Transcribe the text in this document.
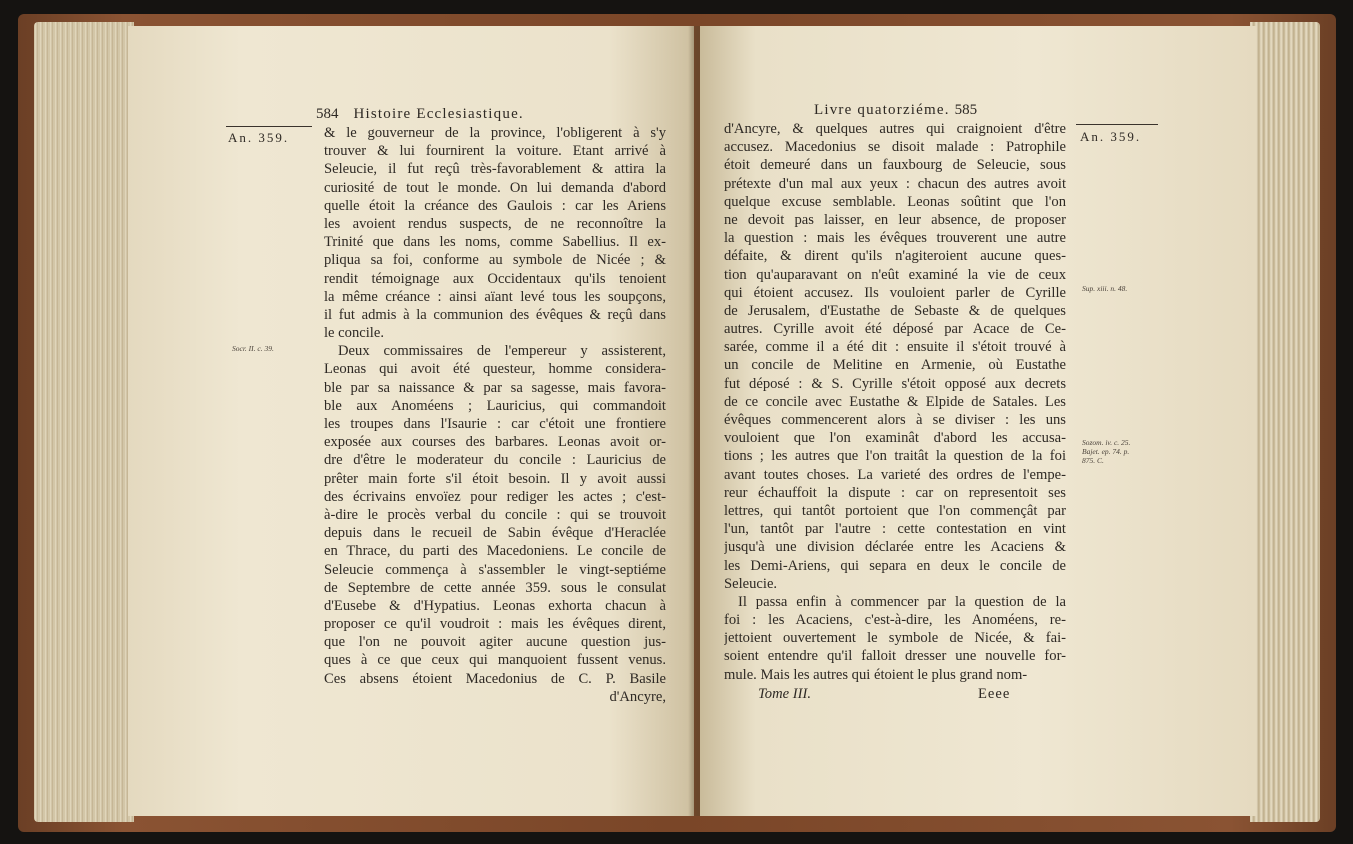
584 Histoire Ecclesiastique.
An. 359.
Socr. II. c. 39.
& le gouverneur de la province, l'obligerent à s'y
trouver & lui fournirent la voiture. Etant arrivé à
Seleucie, il fut reçû très-favorablement & attira la
curiosité de tout le monde. On lui demanda d'abord
quelle étoit la créance des Gaulois : car les Ariens
les avoient rendus suspects, de ne reconnoître la
Trinité que dans les noms, comme Sabellius. Il ex-
pliqua sa foi, conforme au symbole de Nicée ; &
rendit témoignage aux Occidentaux qu'ils tenoient
la même créance : ainsi aïant levé tous les soupçons,
il fut admis à la communion des évêques & reçû dans
le concile.
Deux commissaires de l'empereur y assisterent,
Leonas qui avoit été questeur, homme considera-
ble par sa naissance & par sa sagesse, mais favora-
ble aux Anoméens ; Lauricius, qui commandoit
les troupes dans l'Isaurie : car c'étoit une frontiere
exposée aux courses des barbares. Leonas avoit or-
dre d'être le moderateur du concile : Lauricius de
prêter main forte s'il étoit besoin. Il y avoit aussi
des écrivains envoïez pour rediger les actes ; c'est-
à-dire le procès verbal du concile : qui se trouvoit
depuis dans le recueil de Sabin évêque d'Heraclée
en Thrace, du parti des Macedoniens. Le concile de
Seleucie commença à s'assembler le vingt-septiéme
de Septembre de cette année 359. sous le consulat
d'Eusebe & d'Hypatius. Leonas exhorta chacun à
proposer ce qu'il voudroit : mais les évêques dirent,
que l'on ne pouvoit agiter aucune question jus-
ques à ce que ceux qui manquoient fussent venus.
Ces absens étoient Macedonius de C. P. Basile
d'Ancyre,
Livre quatorziéme. 585
An. 359.
Sup. xiii. n. 48.
Sozom. iv. c. 25. Bajet. ep. 74. p. 875. C.
d'Ancyre, & quelques autres qui craignoient d'être
accusez. Macedonius se disoit malade : Patrophile
étoit demeuré dans un fauxbourg de Seleucie, sous
prétexte d'un mal aux yeux : chacun des autres avoit
quelque excuse semblable. Leonas soûtint que l'on
ne devoit pas laisser, en leur absence, de proposer
la question : mais les évêques trouverent une autre
défaite, & dirent qu'ils n'agiteroient aucune ques-
tion qu'auparavant on n'eût examiné la vie de ceux
qui étoient accusez. Ils vouloient parler de Cyrille
de Jerusalem, d'Eustathe de Sebaste & de quelques
autres. Cyrille avoit été déposé par Acace de Ce-
sarée, comme il a été dit : ensuite il s'étoit trouvé à
un concile de Melitine en Armenie, où Eustathe
fut déposé : & S. Cyrille s'étoit opposé aux decrets
de ce concile avec Eustathe & Elpide de Satales. Les
évêques commencerent alors à se diviser : les uns
vouloient que l'on examinât d'abord les accusa-
tions ; les autres que l'on traitât la question de la foi
avant toutes choses. La varieté des ordres de l'empe-
reur échauffoit la dispute : car on representoit ses
lettres, qui tantôt portoient que l'on commençât par
l'un, tantôt par l'autre : cette contestation en vint
jusqu'à une division déclarée entre les Acaciens &
les Demi-Ariens, qui separa en deux le concile de
Seleucie.
Il passa enfin à commencer par la question de la
foi : les Acaciens, c'est-à-dire, les Anoméens, re-
jettoient ouvertement le symbole de Nicée, & fai-
soient entendre qu'il falloit dresser une nouvelle for-
mule. Mais les autres qui étoient le plus grand nom-
Tome III.	Eeee
